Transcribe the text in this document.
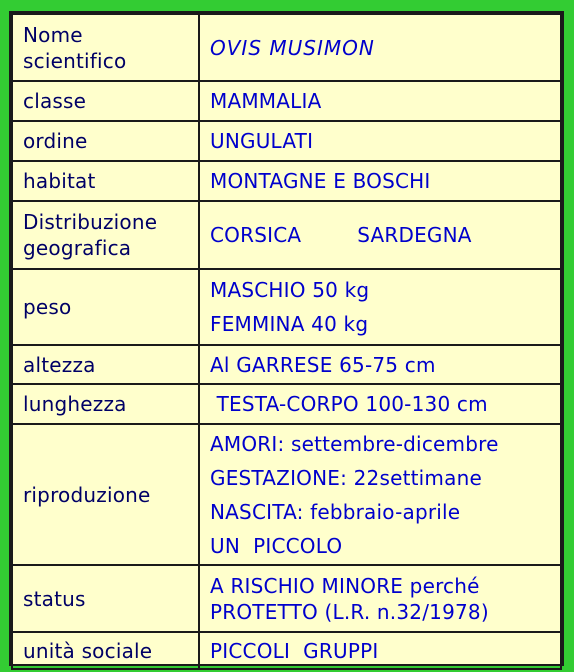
Nome
scientifico	OVIS MUSIMON
classe	MAMMALIA
ordine	UNGULATI
habitat	MONTAGNE E BOSCHI

Distribuzione
geografica	CORSICA SARDEGNA
peso	MASCHIO 50 kg
FEMMINA 40 kg

altezza	Al GARRESE 65-75 cm
lunghezza	TESTA-CORPO 100-130 cm
riproduzione	AMORI: settembre-dicembre
GESTAZIONE: 22settimane
NASCITA: febbraio-aprile
UN  PICCOLO

status	A RISCHIO MINORE perché
PROTETTO (L.R. n.32/1978)

unità sociale	PICCOLI  GRUPPI
